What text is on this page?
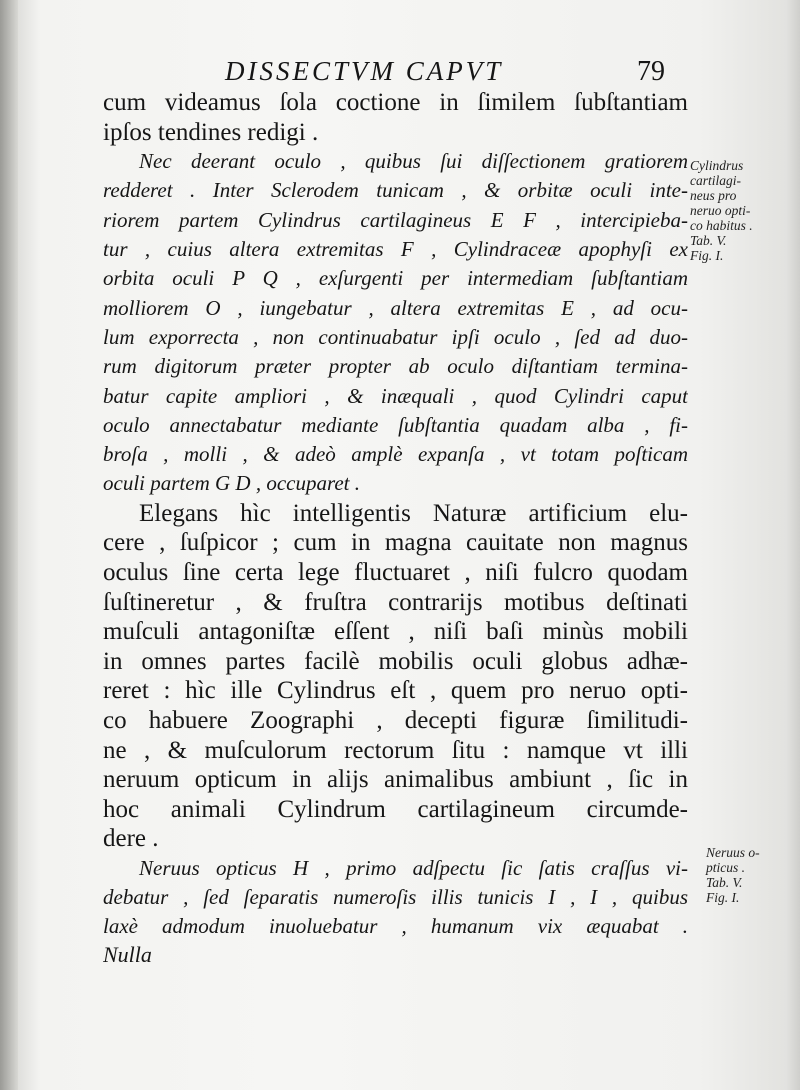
DISSECTVM CAPVT	79
cum videamus ſola coctione in ſimilem ſubſtantiam
ipſos tendines redigi .
Nec deerant oculo , quibus ſui diſſectionem gratiorem
redderet . Inter Sclerodem tunicam , & orbitæ oculi inte-
riorem partem Cylindrus cartilagineus E F , intercipieba-
tur , cuius altera extremitas F , Cylindraceæ apophyſi ex
orbita oculi P Q , exſurgenti per intermediam ſubſtantiam
molliorem O , iungebatur , altera extremitas E , ad ocu-
lum exporrecta , non continuabatur ipſi oculo , ſed ad duo-
rum digitorum præter propter ab oculo diſtantiam termina-
batur capite ampliori , & inæquali , quod Cylindri caput
oculo annectabatur mediante ſubſtantia quadam alba , fi-
broſa , molli , & adeò amplè expanſa , vt totam poſticam
oculi partem G D , occuparet .
Elegans hìc intelligentis Naturæ artificium elu-
cere , ſuſpicor ; cum in magna cauitate non magnus
oculus ſine certa lege fluctuaret , niſi fulcro quodam
ſuſtineretur , & fruſtra contrarijs motibus deſtinati
muſculi antagoniſtæ eſſent , niſi baſi minùs mobili
in omnes partes facilè mobilis oculi globus adhæ-
reret : hìc ille Cylindrus eſt , quem pro neruo opti-
co habuere Zoographi , decepti figuræ ſimilitudi-
ne , & muſculorum rectorum ſitu : namque vt illi
neruum opticum in alijs animalibus ambiunt , ſic in
hoc animali Cylindrum cartilagineum circumde-
dere .
Neruus opticus H , primo adſpectu ſic ſatis craſſus vi-
debatur , ſed ſeparatis numeroſis illis tunicis I , I , quibus
laxè admodum inuoluebatur , humanum vix æquabat .
Nulla
Cylindrus
cartilagi-
neus pro
neruo opti-
co habitus .
Tab. V.
Fig. I.
Neruus o-
pticus .
Tab. V.
Fig. I.
